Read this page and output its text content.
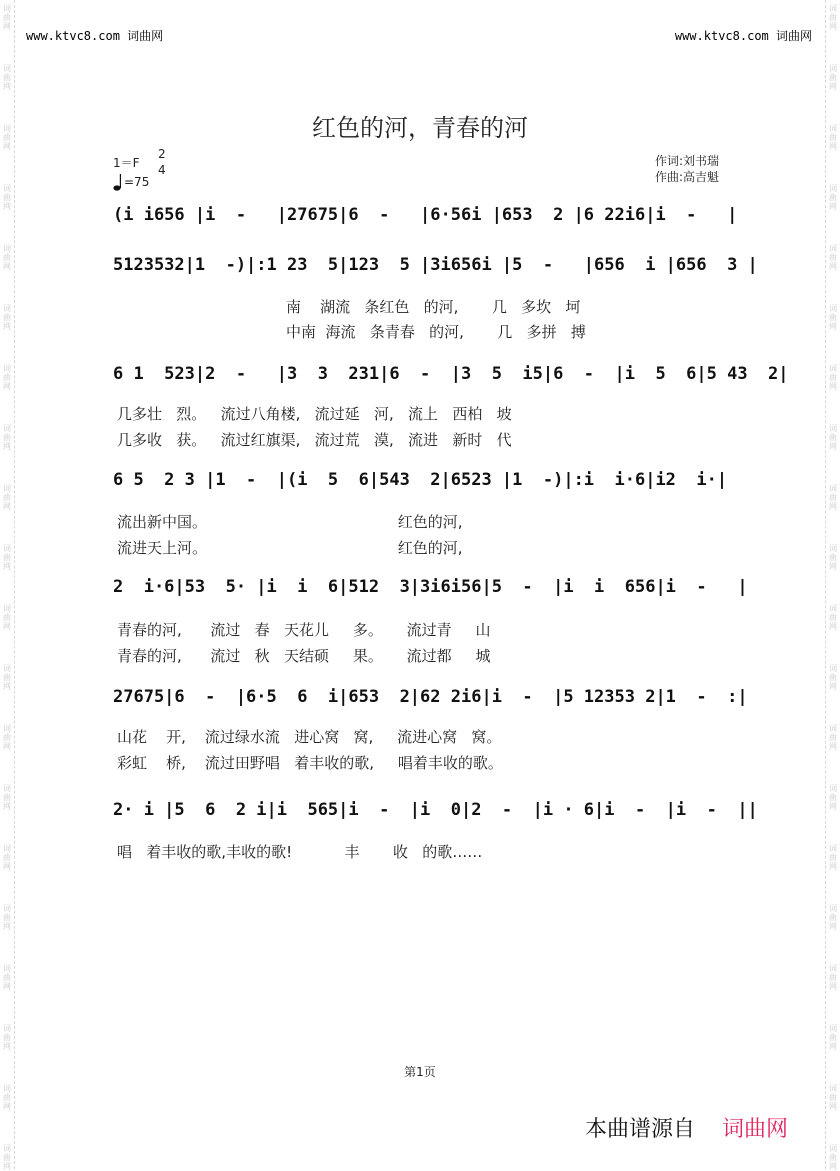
词
曲
网
词
曲
网
词
曲
网
词
曲
网
词
曲
网
词
曲
网
词
曲
网
词
曲
网
词
曲
网
词
曲
网
词
曲
网
词
曲
网
词
曲
网
词
曲
网
词
曲
网
词
曲
网
词
曲
网
词
曲
网
词
曲
网
词
曲
网
词
曲
网
词
曲
网
词
曲
网
词
曲
网
词
曲
网
词
曲
网
词
曲
网
词
曲
网
词
曲
网
词
曲
网
词
曲
网
词
曲
网
词
曲
网
词
曲
网
词
曲
网
词
曲
网
词
曲
网
词
曲
网
词
曲
网
词
曲
网
www.ktvc8.com 词曲网	www.ktvc8.com 词曲网
红色的河，青春的河
1＝F
2
4
=75
作词:刘书瑞
作曲:高吉魁
(i i656 |i  -   |27675|6  -   |6·56i |653  2 |6 22i6|i  -   |
5123532|1  -)|:1 23  5|123  5 |3i656i |5  -   |656  i |656  3 |
6 1  523|2  -   |3  3  231|6  -  |3  5  i5|6  -  |i  5  6|5 43  2|
6 5  2 3 |1  -  |(i  5  6|543  2|6523 |1  -)|:i  i·6|i2  i·|
2  i·6|53  5· |i  i  6|512  3|3i6i56|5  -  |i  i  656|i  -   |
27675|6  -  |6·5  6  i|653  2|62 2i6|i  -  |5 12353 2|1  -  :|
2· i |5  6  2 i|i  565|i  -  |i  0|2  -  |i · 6|i  -  |i  -  ||
南    湖流   条红色   的河,       几   多坎   坷
中南  海流   条青春   的河,       几   多拼   搏
几多壮   烈。   流过八角楼,   流过延   河,   流上   西柏   坡
几多收   获。   流过红旗渠,   流过荒   漠,   流进   新时   代
流出新中国。                                        红色的河,
流进天上河。                                        红色的河,
青春的河,      流过   春   天花儿     多。     流过青     山
青春的河,      流过   秋   天结硕     果。     流过都     城
山花    开,    流过绿水流   进心窝   窝,     流进心窝   窝。
彩虹    桥,    流过田野唱   着丰收的歌,     唱着丰收的歌。
唱   着丰收的歌,丰收的歌!           丰       收   的歌……
第1页
本曲谱源自 词曲网
